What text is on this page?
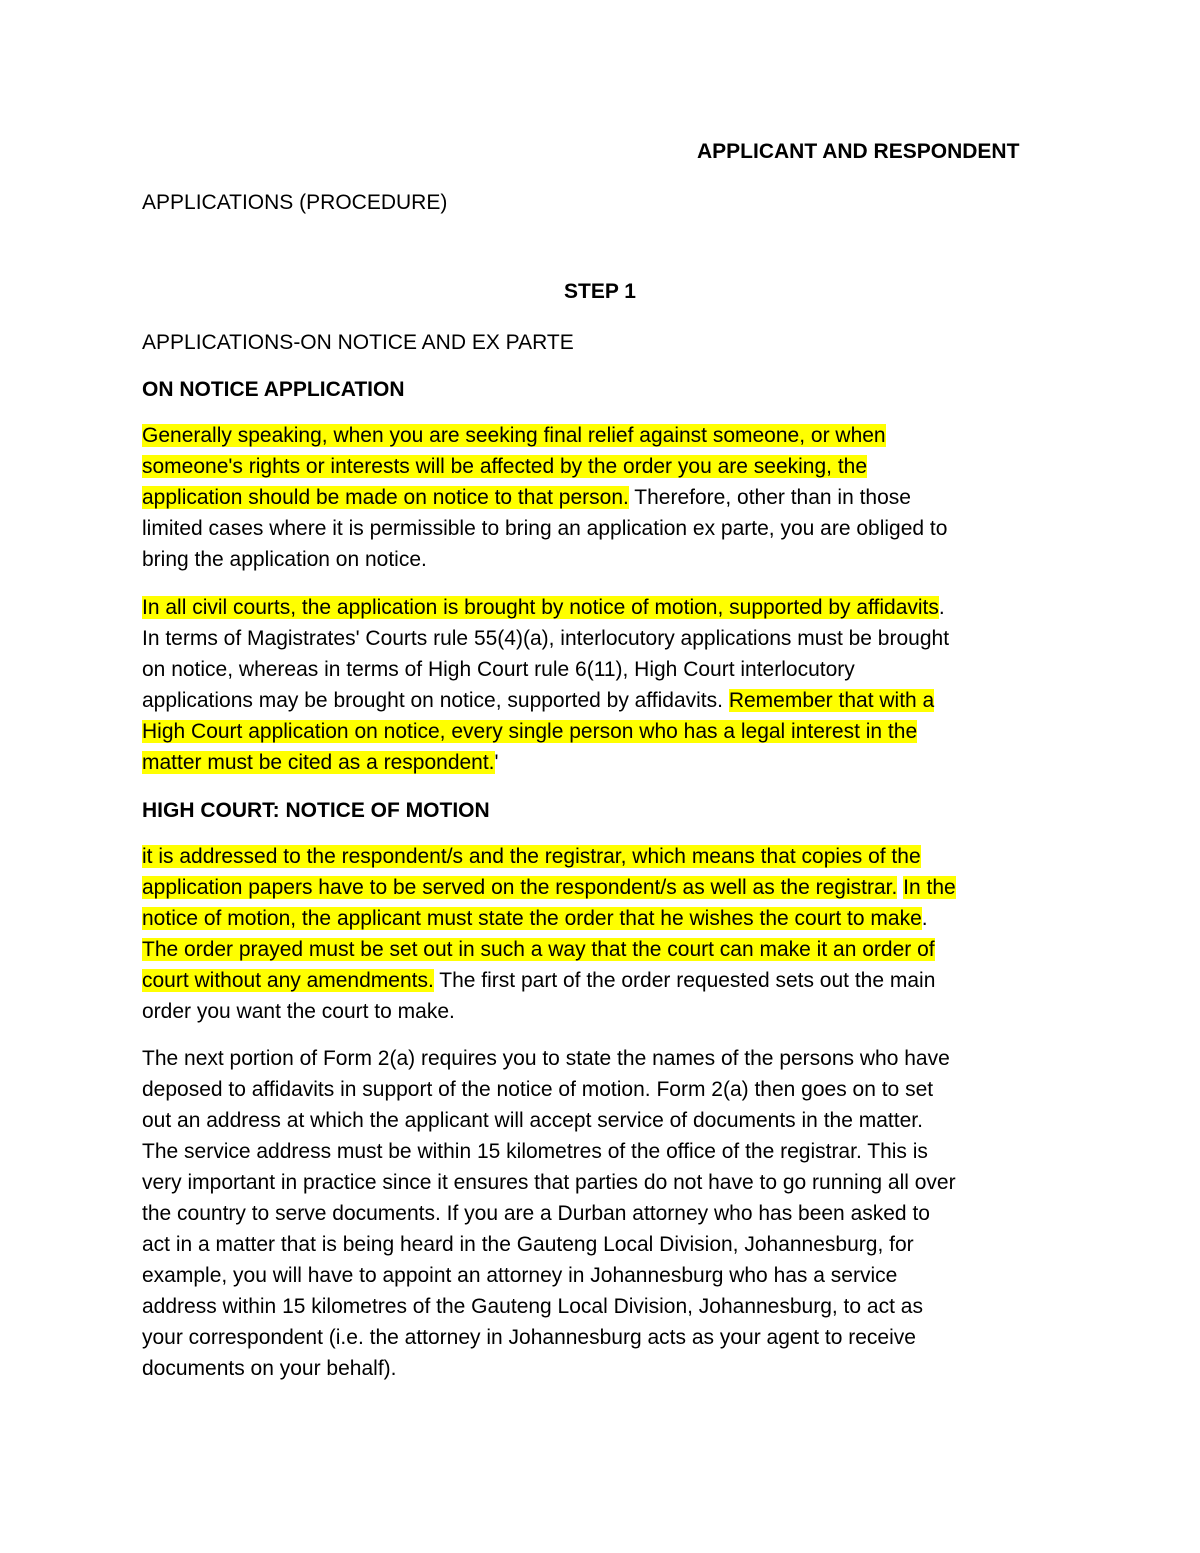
APPLICANT AND RESPONDENT

APPLICATIONS (PROCEDURE)

STEP 1

APPLICATIONS-ON NOTICE AND EX PARTE

ON NOTICE APPLICATION

Generally speaking, when you are seeking final relief against someone, or when
someone's rights or interests will be affected by the order you are seeking, the
application should be made on notice to that person. Therefore, other than in those
limited cases where it is permissible to bring an application ex parte, you are obliged to
bring the application on notice.

In all civil courts, the application is brought by notice of motion, supported by affidavits.
In terms of Magistrates' Courts rule 55(4)(a), interlocutory applications must be brought
on notice, whereas in terms of High Court rule 6(11), High Court interlocutory
applications may be brought on notice, supported by affidavits. Remember that with a
High Court application on notice, every single person who has a legal interest in the
matter must be cited as a respondent.'

HIGH COURT: NOTICE OF MOTION

it is addressed to the respondent/s and the registrar, which means that copies of the
application papers have to be served on the respondent/s as well as the registrar. In the
notice of motion, the applicant must state the order that he wishes the court to make.
The order prayed must be set out in such a way that the court can make it an order of
court without any amendments. The first part of the order requested sets out the main
order you want the court to make.

The next portion of Form 2(a) requires you to state the names of the persons who have
deposed to affidavits in support of the notice of motion. Form 2(a) then goes on to set
out an address at which the applicant will accept service of documents in the matter.
The service address must be within 15 kilometres of the office of the registrar. This is
very important in practice since it ensures that parties do not have to go running all over
the country to serve documents. If you are a Durban attorney who has been asked to
act in a matter that is being heard in the Gauteng Local Division, Johannesburg, for
example, you will have to appoint an attorney in Johannesburg who has a service
address within 15 kilometres of the Gauteng Local Division, Johannesburg, to act as
your correspondent (i.e. the attorney in Johannesburg acts as your agent to receive
documents on your behalf).
